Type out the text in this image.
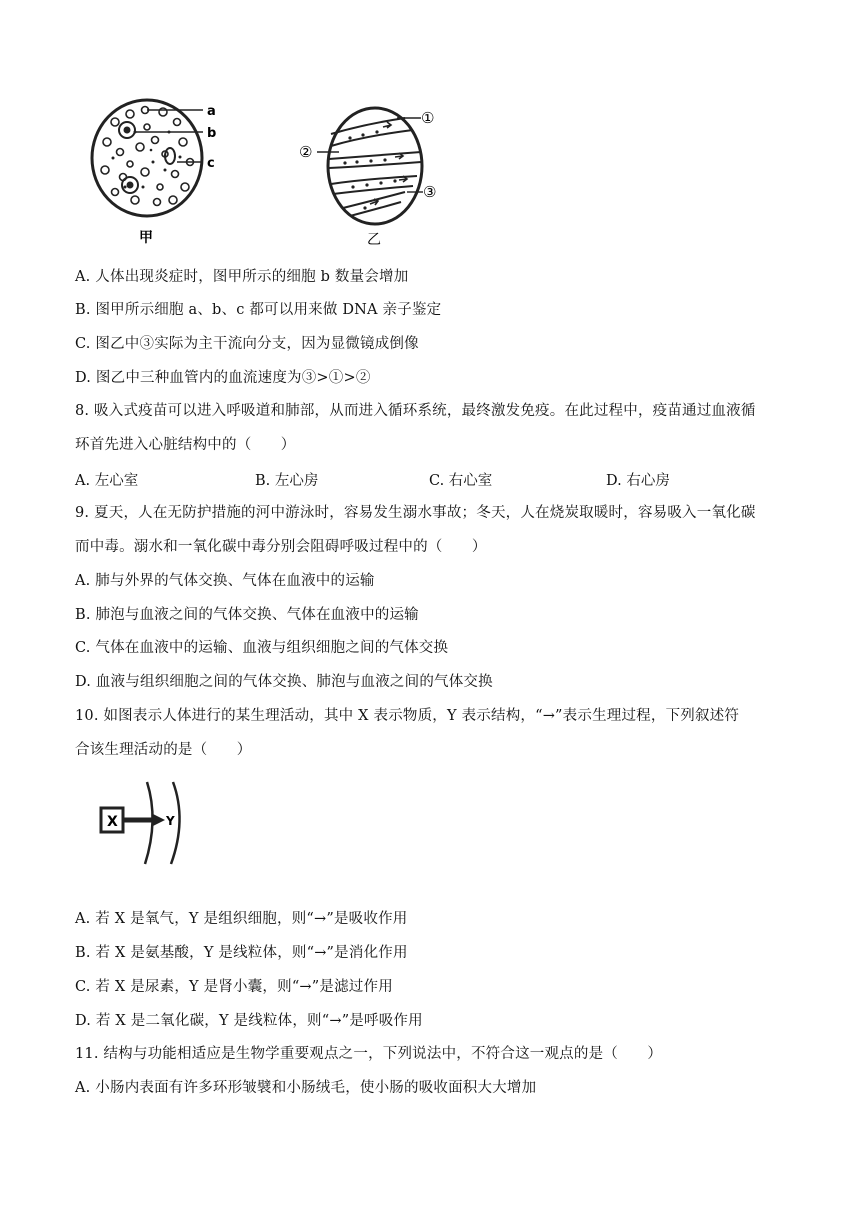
a
b
c
甲
①
②
③
乙
A. 人体出现炎症时，图甲所示的细胞 b 数量会增加
B. 图甲所示细胞 a、b、c 都可以用来做 DNA 亲子鉴定
C. 图乙中③实际为主干流向分支，因为显微镜成倒像
D. 图乙中三种血管内的血流速度为③>①>②
8. 吸入式疫苗可以进入呼吸道和肺部，从而进入循环系统，最终激发免疫。在此过程中，疫苗通过血液循
环首先进入心脏结构中的（　　）
A. 左心室	B. 左心房	C. 右心室	D. 右心房
9. 夏天，人在无防护措施的河中游泳时，容易发生溺水事故；冬天，人在烧炭取暖时，容易吸入一氧化碳
而中毒。溺水和一氧化碳中毒分别会阻碍呼吸过程中的（　　）
A. 肺与外界的气体交换、气体在血液中的运输
B. 肺泡与血液之间的气体交换、气体在血液中的运输
C. 气体在血液中的运输、血液与组织细胞之间的气体交换
D. 血液与组织细胞之间的气体交换、肺泡与血液之间的气体交换
10. 如图表示人体进行的某生理活动，其中 X 表示物质，Y 表示结构，“→”表示生理过程，下列叙述符
合该生理活动的是（　　）
X	Y
A. 若 X 是氧气，Y 是组织细胞，则“→”是吸收作用
B. 若 X 是氨基酸，Y 是线粒体，则“→”是消化作用
C. 若 X 是尿素，Y 是肾小囊，则“→”是滤过作用
D. 若 X 是二氧化碳，Y 是线粒体，则“→”是呼吸作用
11. 结构与功能相适应是生物学重要观点之一，下列说法中，不符合这一观点的是（　　）
A. 小肠内表面有许多环形皱襞和小肠绒毛，使小肠的吸收面积大大增加
